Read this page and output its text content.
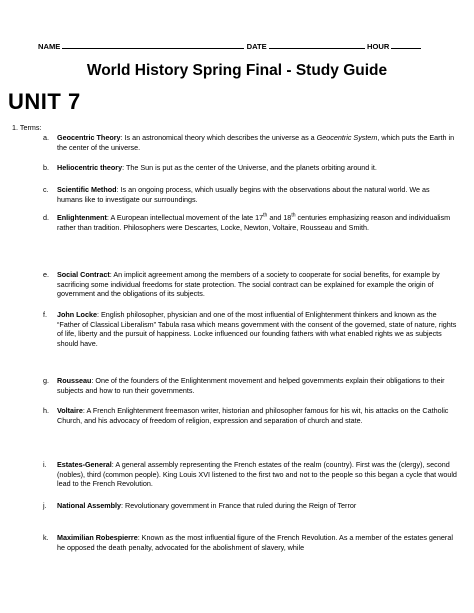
NAME	DATE	HOUR
World History Spring Final - Study Guide
UNIT 7
1. Terms:
a. Geocentric Theory: Is an astronomical theory which describes the universe as a Geocentric System, which puts the Earth in the center of the universe.
b. Heliocentric theory: The Sun is put as the center of the Universe, and the planets orbiting around it.
c. Scientific Method: Is an ongoing process, which usually begins with the observations about the natural world. We as humans like to investigate our surroundings.
d. Enlightenment: A European intellectual movement of the late 17th and 18th centuries emphasizing reason and individualism rather than tradition. Philosophers were Descartes, Locke, Newton, Voltaire, Rousseau and Smith.
e. Social Contract: An implicit agreement among the members of a society to cooperate for social benefits, for example by sacrificing some individual freedoms for state protection. The social contract can be explained for example the origin of government and the obligations of its subjects.
f. John Locke: English philosopher, physician and one of the most influential of Enlightenment thinkers and known as the “Father of Classical Liberalism” Tabula rasa which means government with the consent of the governed, state of nature, rights of life, liberty and the pursuit of happiness. Locke influenced our founding fathers with what enabled rights we as subjects should have.
g. Rousseau: One of the founders of the Enlightenment movement and helped governments explain their obligations to their subjects and how to run their governments.
h. Voltaire: A French Enlightenment freemason writer, historian and philosopher famous for his wit, his attacks on the Catholic Church, and his advocacy of freedom of religion, expression and separation of church and state.
i. Estates-General: A general assembly representing the French estates of the realm (country). First was the (clergy), second (nobles), third (common people). King Louis XVI listened to the first two and not to the people so this began a cycle that would lead to the French Revolution.
j. National Assembly: Revolutionary government in France that ruled during the Reign of Terror
k. Maximilian Robespierre: Known as the most influential figure of the French Revolution. As a member of the estates general he opposed the death penalty, advocated for the abolishment of slavery, while
